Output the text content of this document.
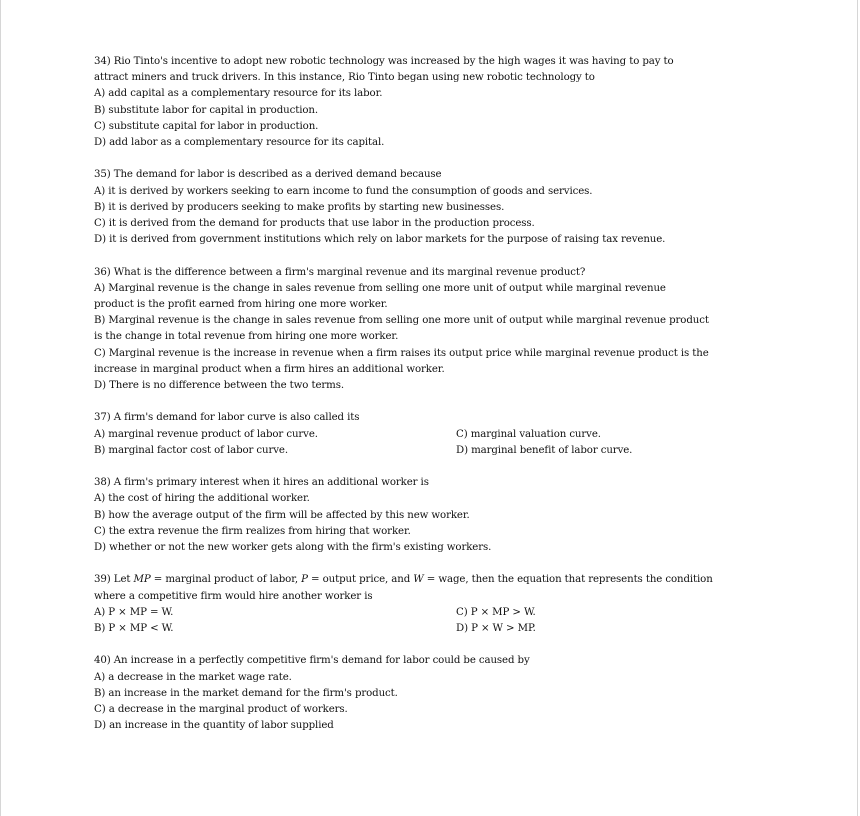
34) Rio Tinto's incentive to adopt new robotic technology was increased by the high wages it was having to pay to
attract miners and truck drivers. In this instance, Rio Tinto began using new robotic technology to
A) add capital as a complementary resource for its labor.
B) substitute labor for capital in production.
C) substitute capital for labor in production.
D) add labor as a complementary resource for its capital.
35) The demand for labor is described as a derived demand because
A) it is derived by workers seeking to earn income to fund the consumption of goods and services.
B) it is derived by producers seeking to make profits by starting new businesses.
C) it is derived from the demand for products that use labor in the production process.
D) it is derived from government institutions which rely on labor markets for the purpose of raising tax revenue.
36) What is the difference between a firm's marginal revenue and its marginal revenue product?
A) Marginal revenue is the change in sales revenue from selling one more unit of output while marginal revenue
product is the profit earned from hiring one more worker.
B) Marginal revenue is the change in sales revenue from selling one more unit of output while marginal revenue product
is the change in total revenue from hiring one more worker.
C) Marginal revenue is the increase in revenue when a firm raises its output price while marginal revenue product is the
increase in marginal product when a firm hires an additional worker.
D) There is no difference between the two terms.
37) A firm's demand for labor curve is also called its
A) marginal revenue product of labor curve.	C) marginal valuation curve.
B) marginal factor cost of labor curve.	D) marginal benefit of labor curve.
38) A firm's primary interest when it hires an additional worker is
A) the cost of hiring the additional worker.
B) how the average output of the firm will be affected by this new worker.
C) the extra revenue the firm realizes from hiring that worker.
D) whether or not the new worker gets along with the firm's existing workers.
39) Let MP = marginal product of labor, P = output price, and W = wage, then the equation that represents the condition
where a competitive firm would hire another worker is
A) P × MP = W.	C) P × MP > W.
B) P × MP < W.	D) P × W > MP.
40) An increase in a perfectly competitive firm's demand for labor could be caused by
A) a decrease in the market wage rate.
B) an increase in the market demand for the firm's product.
C) a decrease in the marginal product of workers.
D) an increase in the quantity of labor supplied
